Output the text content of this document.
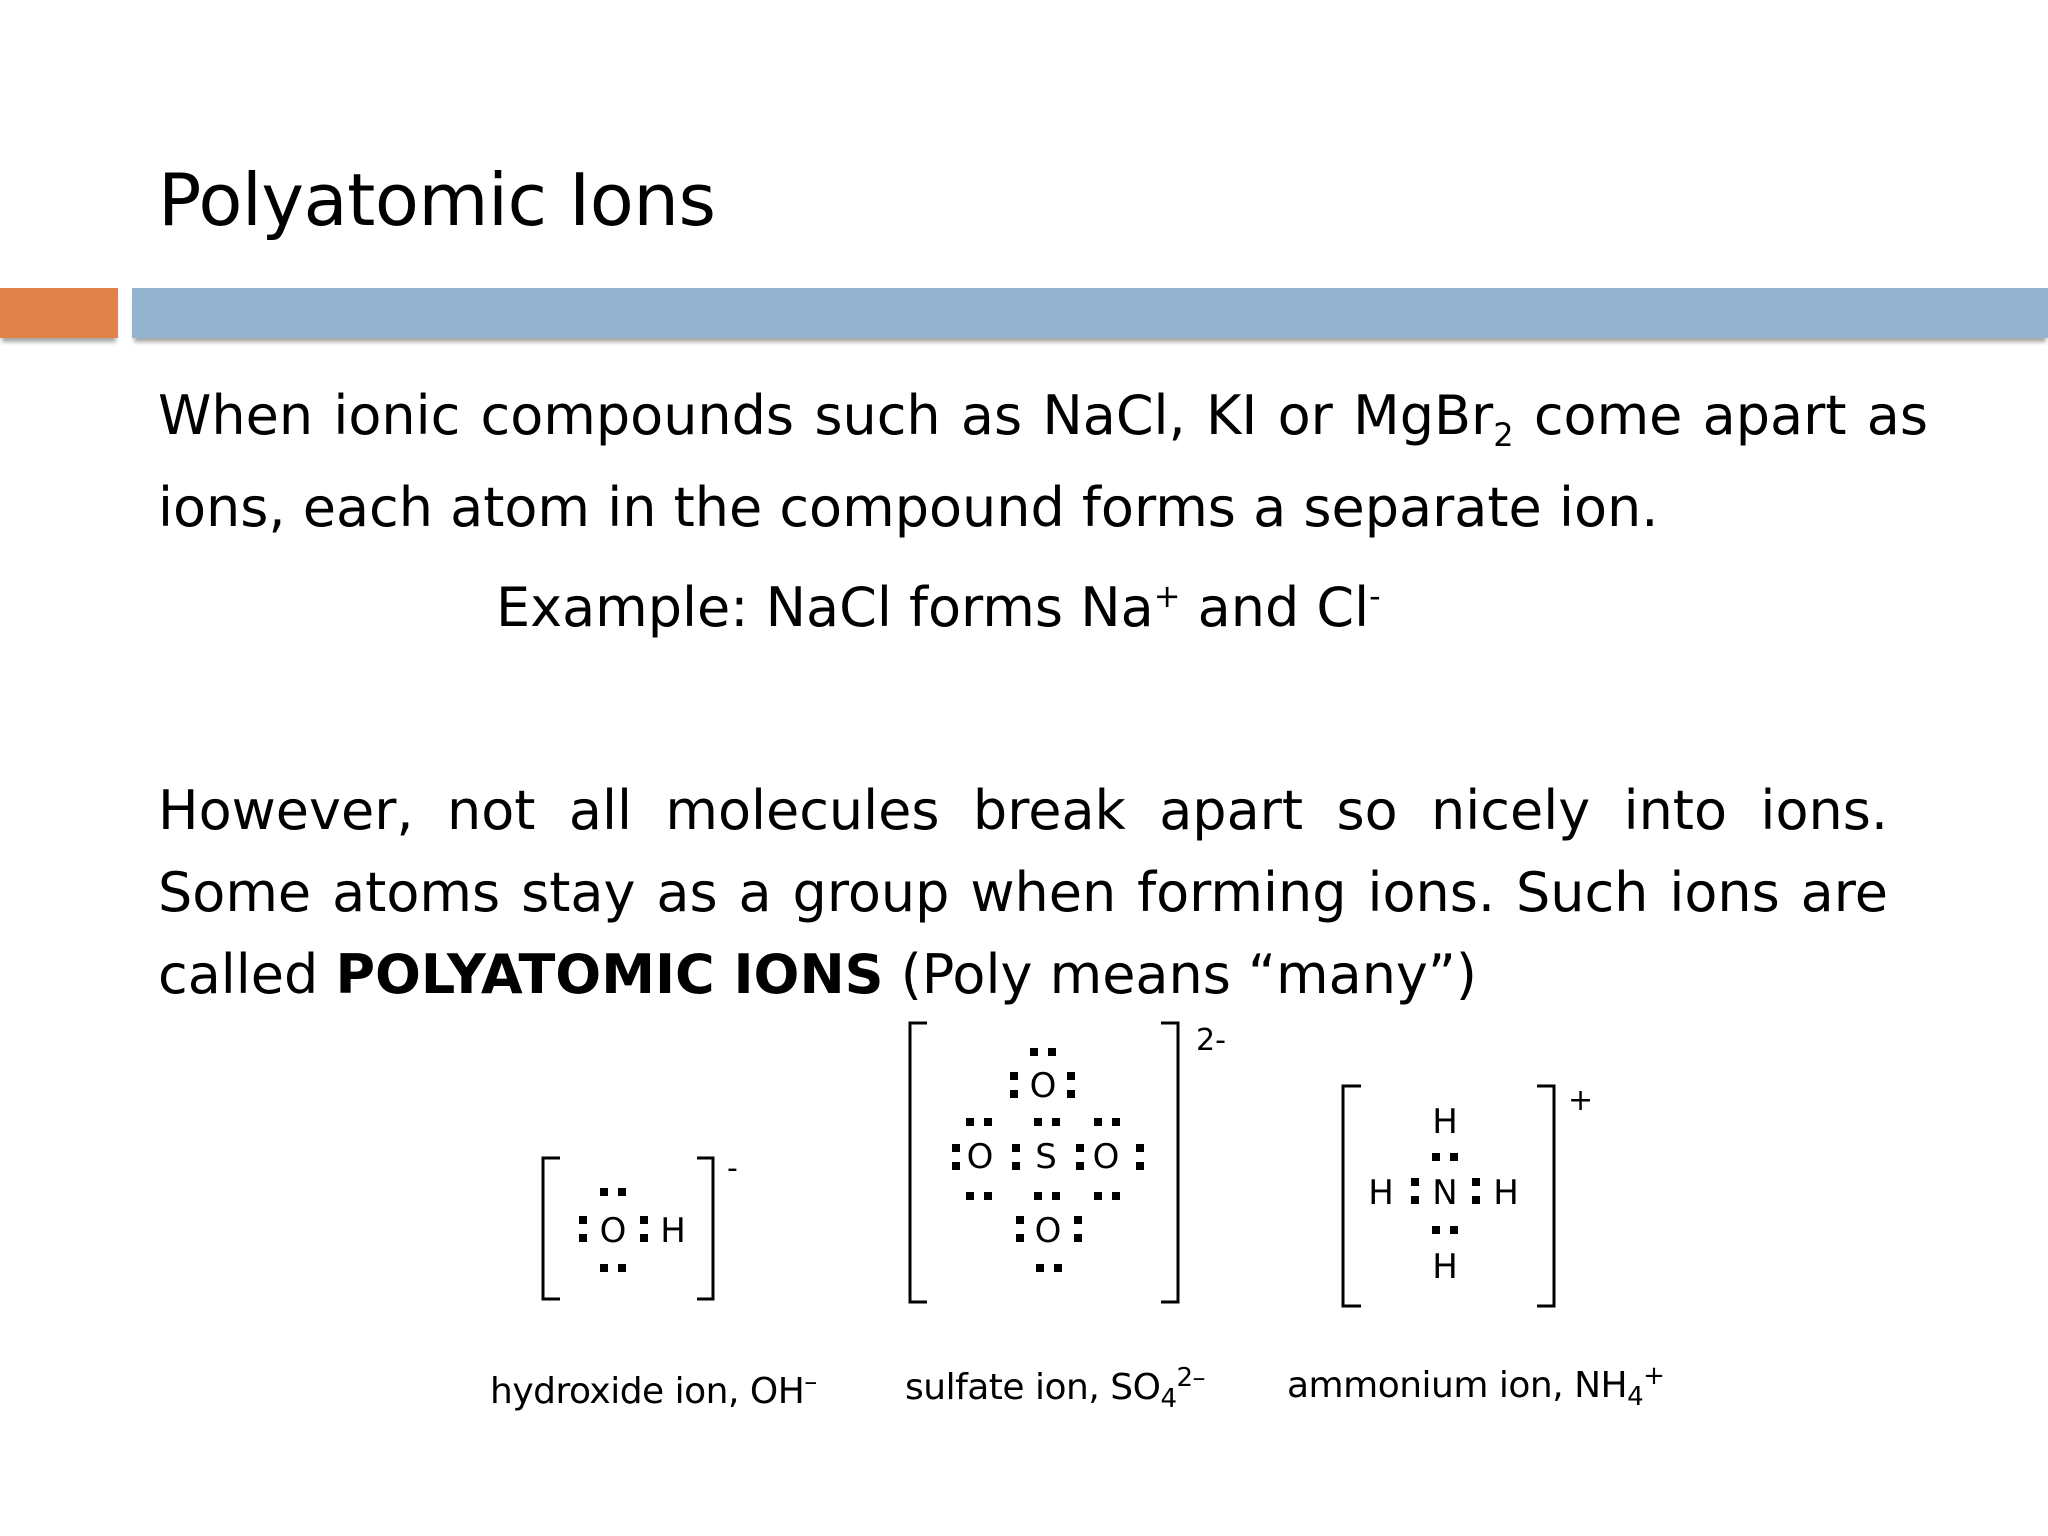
Polyatomic Ions
When ionic compounds such as NaCl, KI or MgBr$_2$ come apart as ions, each atom in the compound forms a separate ion.
Example: NaCl forms Na+ and Cl-
However, not all molecules break apart so nicely into ions. Some atoms stay as a group when forming ions. Such ions are called POLYATOMIC IONS (Poly means “many”)
-
O H
2-
O
O S O
O
+
H
H N H
H
hydroxide ion, OH– sulfate ion, $SO_4^{2-}$ ammonium ion, $NH_4^+$
